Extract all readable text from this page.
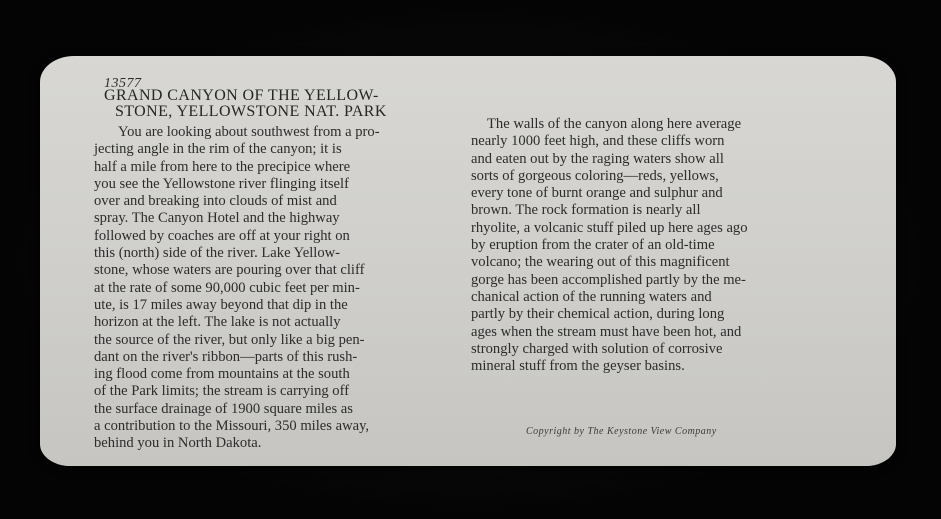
13577
GRAND CANYON OF THE YELLOW-
STONE, YELLOWSTONE NAT. PARK
You are looking about southwest from a pro-
jecting angle in the rim of the canyon; it is
half a mile from here to the precipice where
you see the Yellowstone river flinging itself
over and breaking into clouds of mist and
spray. The Canyon Hotel and the highway
followed by coaches are off at your right on
this (north) side of the river. Lake Yellow-
stone, whose waters are pouring over that cliff
at the rate of some 90,000 cubic feet per min-
ute, is 17 miles away beyond that dip in the
horizon at the left. The lake is not actually
the source of the river, but only like a big pen-
dant on the river's ribbon—parts of this rush-
ing flood come from mountains at the south
of the Park limits; the stream is carrying off
the surface drainage of 1900 square miles as
a contribution to the Missouri, 350 miles away,
behind you in North Dakota.
The walls of the canyon along here average
nearly 1000 feet high, and these cliffs worn
and eaten out by the raging waters show all
sorts of gorgeous coloring—reds, yellows,
every tone of burnt orange and sulphur and
brown. The rock formation is nearly all
rhyolite, a volcanic stuff piled up here ages ago
by eruption from the crater of an old-time
volcano; the wearing out of this magnificent
gorge has been accomplished partly by the me-
chanical action of the running waters and
partly by their chemical action, during long
ages when the stream must have been hot, and
strongly charged with solution of corrosive
mineral stuff from the geyser basins.
Copyright by The Keystone View Company
